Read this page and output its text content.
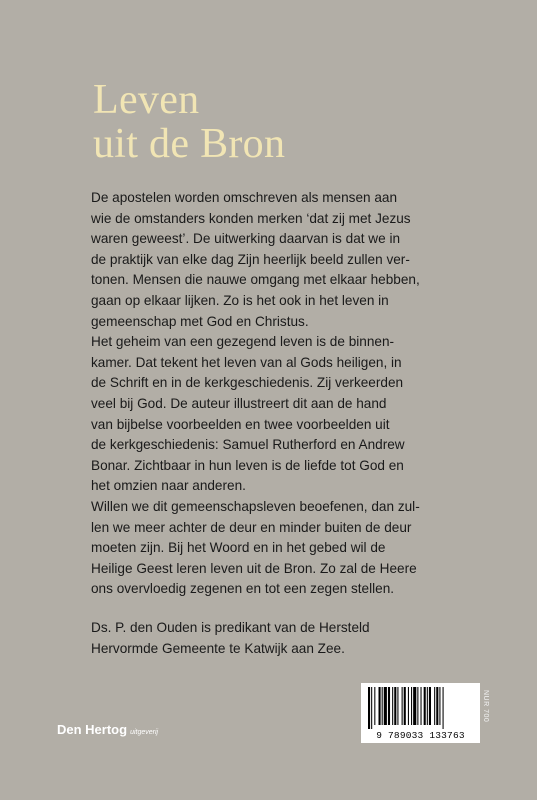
Leven
uit de Bron
De apostelen worden omschreven als mensen aan
wie de omstanders konden merken ‘dat zij met Jezus
waren geweest’. De uitwerking daarvan is dat we in
de praktijk van elke dag Zijn heerlijk beeld zullen ver-
tonen. Mensen die nauwe omgang met elkaar hebben,
gaan op elkaar lijken. Zo is het ook in het leven in
gemeenschap met God en Christus.
Het geheim van een gezegend leven is de binnen-
kamer. Dat tekent het leven van al Gods heiligen, in
de Schrift en in de kerkgeschiedenis. Zij verkeerden
veel bij God. De auteur illustreert dit aan de hand
van bijbelse voorbeelden en twee voorbeelden uit
de kerkgeschiedenis: Samuel Rutherford en Andrew
Bonar. Zichtbaar in hun leven is de liefde tot God en
het omzien naar anderen.
Willen we dit gemeenschapsleven beoefenen, dan zul-
len we meer achter de deur en minder buiten de deur
moeten zijn. Bij het Woord en in het gebed wil de
Heilige Geest leren leven uit de Bron. Zo zal de Heere
ons overvloedig zegenen en tot een zegen stellen.
Ds. P. den Ouden is predikant van de Hersteld
Hervormde Gemeente te Katwijk aan Zee.
Den Hertog uitgeverij	9 789033 133763
NUR 700
